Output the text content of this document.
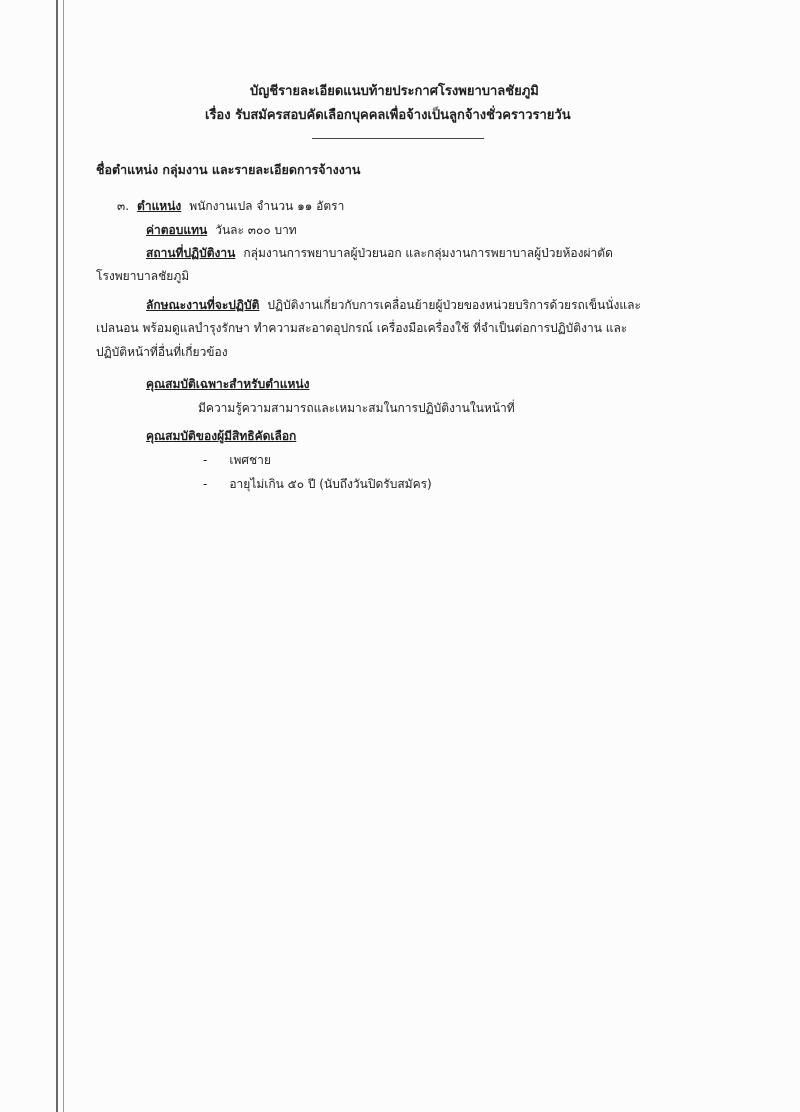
บัญชีรายละเอียดแนบท้ายประกาศโรงพยาบาลชัยภูมิ
เรื่อง รับสมัครสอบคัดเลือกบุคคลเพื่อจ้างเป็นลูกจ้างชั่วคราวรายวัน
ชื่อตำแหน่ง กลุ่มงาน และรายละเอียดการจ้างงาน
๓. ตำแหน่ง พนักงานเปล จำนวน ๑๑ อัตรา
ค่าตอบแทน วันละ ๓๐๐ บาท
สถานที่ปฏิบัติงาน กลุ่มงานการพยาบาลผู้ป่วยนอก และกลุ่มงานการพยาบาลผู้ป่วยห้องผ่าตัด
โรงพยาบาลชัยภูมิ
ลักษณะงานที่จะปฏิบัติ ปฏิบัติงานเกี่ยวกับการเคลื่อนย้ายผู้ป่วยของหน่วยบริการด้วยรถเข็นนั่งและ
เปลนอน พร้อมดูแลบำรุงรักษา ทำความสะอาดอุปกรณ์ เครื่องมือเครื่องใช้ ที่จำเป็นต่อการปฏิบัติงาน และ
ปฏิบัติหน้าที่อื่นที่เกี่ยวข้อง
คุณสมบัติเฉพาะสำหรับตำแหน่ง
มีความรู้ความสามารถและเหมาะสมในการปฏิบัติงานในหน้าที่
คุณสมบัติของผู้มีสิทธิคัดเลือก
- เพศชาย
- อายุไม่เกิน ๕๐ ปี (นับถึงวันปิดรับสมัคร)
